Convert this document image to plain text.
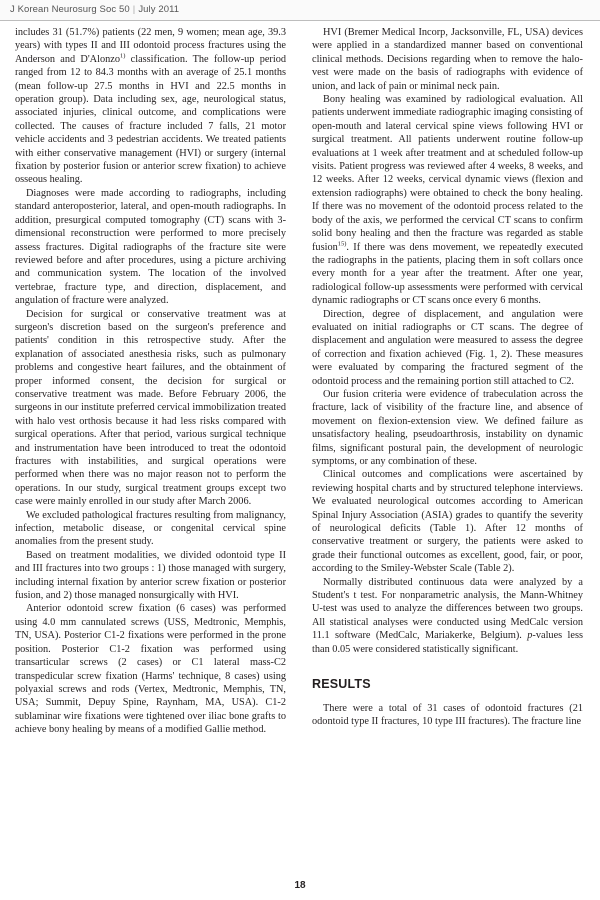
J Korean Neurosurg Soc 50 | July 2011

includes 31 (51.7%) patients (22 men, 9 women; mean age, 39.3 years) with types II and III odontoid process fractures using the Anderson and D'Alonzo$^{1)}$ classification. The follow-up period ranged from 12 to 84.3 months with an average of 25.1 months (mean follow-up 27.5 months in HVI and 22.5 months in operation group). Data including sex, age, neurological status, associated injuries, clinical outcome, and complications were collected. The causes of fracture included 7 falls, 21 motor vehicle accidents and 3 pedestrian accidents. We treated patients with either conservative management (HVI) or surgery (internal fixation by posterior fusion or anterior screw fixation) to achieve osseous healing.

Diagnoses were made according to radiographs, including standard anteroposterior, lateral, and open-mouth radiographs. In addition, presurgical computed tomography (CT) scans with 3-dimensional reconstruction were performed to more precisely assess fractures. Digital radiographs of the fracture site were reviewed before and after procedures, using a picture archiving and communication system. The location of the involved vertebrae, fracture type, and direction, displacement, and angulation of fracture were analyzed.

Decision for surgical or conservative treatment was at surgeon's discretion based on the surgeon's preference and patients' condition in this retrospective study. After the explanation of associated anesthesia risks, such as pulmonary problems and congestive heart failures, and the obtainment of proper informed consent, the decision for surgical or conservative treatment was made. Before February 2006, the surgeons in our institute preferred cervical immobilization treated with halo vest orthosis because it had less risks compared with surgical operations. After that period, various surgical technique and instrumentation have been introduced to treat the odontoid fractures with instabilities, and surgical operations were performed when there was no major reason not to perform the operations. In our study, surgical treatment groups except two case were mainly enrolled in our study after March 2006.

We excluded pathological fractures resulting from malignancy, infection, metabolic disease, or congenital cervical spine anomalies from the present study.

Based on treatment modalities, we divided odontoid type II and III fractures into two groups : 1) those managed with surgery, including internal fixation by anterior screw fixation or posterior fusion, and 2) those managed nonsurgically with HVI.

Anterior odontoid screw fixation (6 cases) was performed using 4.0 mm cannulated screws (USS, Medtronic, Memphis, TN, USA). Posterior C1-2 fixations were performed in the prone position. Posterior C1-2 fixation was performed using transarticular screws (2 cases) or C1 lateral mass-C2 transpedicular screw fixation (Harms' technique, 8 cases) using polyaxial screws and rods (Vertex, Medtronic, Memphis, TN, USA; Summit, Depuy Spine, Raynham, MA, USA). C1-2 sublaminar wire fixations were tightened over iliac bone grafts to achieve bony healing by means of a modified Gallie method.

HVI (Bremer Medical Incorp, Jacksonville, FL, USA) devices were applied in a standardized manner based on conventional clinical methods. Decisions regarding when to remove the halo-vest were made on the basis of radiographs with evidence of union, and lack of pain or minimal neck pain.

Bony healing was examined by radiological evaluation. All patients underwent immediate radiographic imaging consisting of open-mouth and lateral cervical spine views following HVI or surgical treatment. All patients underwent routine follow-up evaluations at 1 week after treatment and at scheduled follow-up visits. Patient progress was reviewed after 4 weeks, 8 weeks, and 12 weeks. After 12 weeks, cervical dynamic views (flexion and extension radiographs) were obtained to check the bony healing. If there was no movement of the odontoid process related to the body of the axis, we performed the cervical CT scans to confirm solid bony healing and then the fracture was regarded as stable fusion$^{15)}$. If there was dens movement, we repeatedly executed the radiographs in the patients, placing them in soft collars once every month for a year after the treatment. After one year, radiological follow-up assessments were performed with cervical dynamic radiographs or CT scans once every 6 months.

Direction, degree of displacement, and angulation were evaluated on initial radiographs or CT scans. The degree of displacement and angulation were measured to assess the degree of correction and fixation achieved (Fig. 1, 2). These measures were evaluated by comparing the fractured segment of the odontoid process and the remaining portion still attached to C2.

Our fusion criteria were evidence of trabeculation across the fracture, lack of visibility of the fracture line, and absence of movement on flexion-extension view. We defined failure as unsatisfactory healing, pseudoarthrosis, instability on dynamic films, significant postural pain, the development of neurologic symptoms, or any combination of these.

Clinical outcomes and complications were ascertained by reviewing hospital charts and by structured telephone interviews. We evaluated neurological outcomes according to American Spinal Injury Association (ASIA) grades to quantify the severity of neurological deficits (Table 1). After 12 months of conservative treatment or surgery, the patients were asked to grade their functional outcomes as excellent, good, fair, or poor, according to the Smiley-Webster Scale (Table 2).

Normally distributed continuous data were analyzed by a Student's t test. For nonparametric analysis, the Mann-Whitney U-test was used to analyze the differences between two groups. All statistical analyses were conducted using MedCalc version 11.1 software (MedCalc, Mariakerke, Belgium). p-values less than 0.05 were considered statistically significant.

RESULTS

There were a total of 31 cases of odontoid fractures (21 odontoid type II fractures, 10 type III fractures). The fracture line

18
